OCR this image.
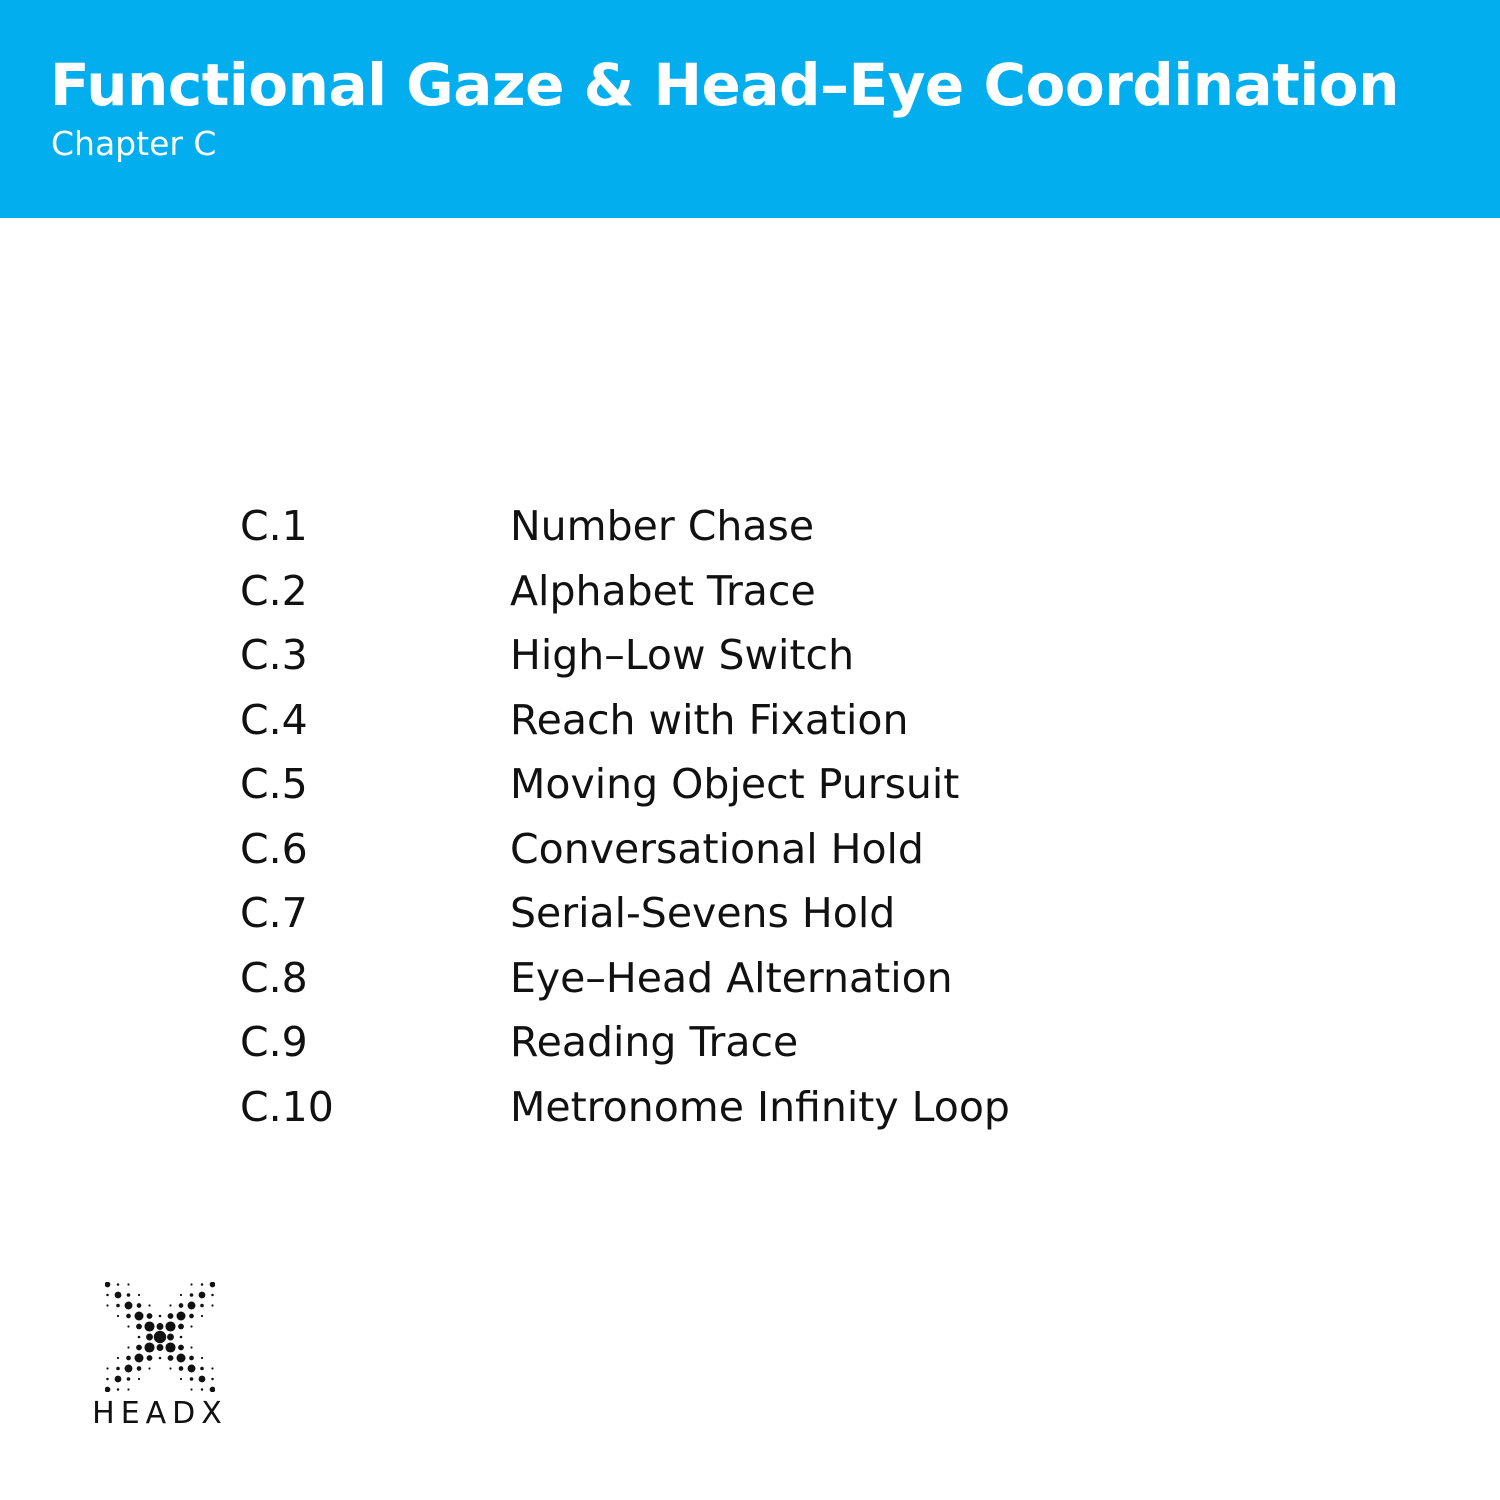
Functional Gaze & Head–Eye Coordination
Chapter C
C.1	Number Chase
C.2	Alphabet Trace
C.3	High–Low Switch
C.4	Reach with Fixation
C.5	Moving Object Pursuit
C.6	Conversational Hold
C.7	Serial-Sevens Hold
C.8	Eye–Head Alternation
C.9	Reading Trace
C.10	Metronome Infinity Loop
HEADX
